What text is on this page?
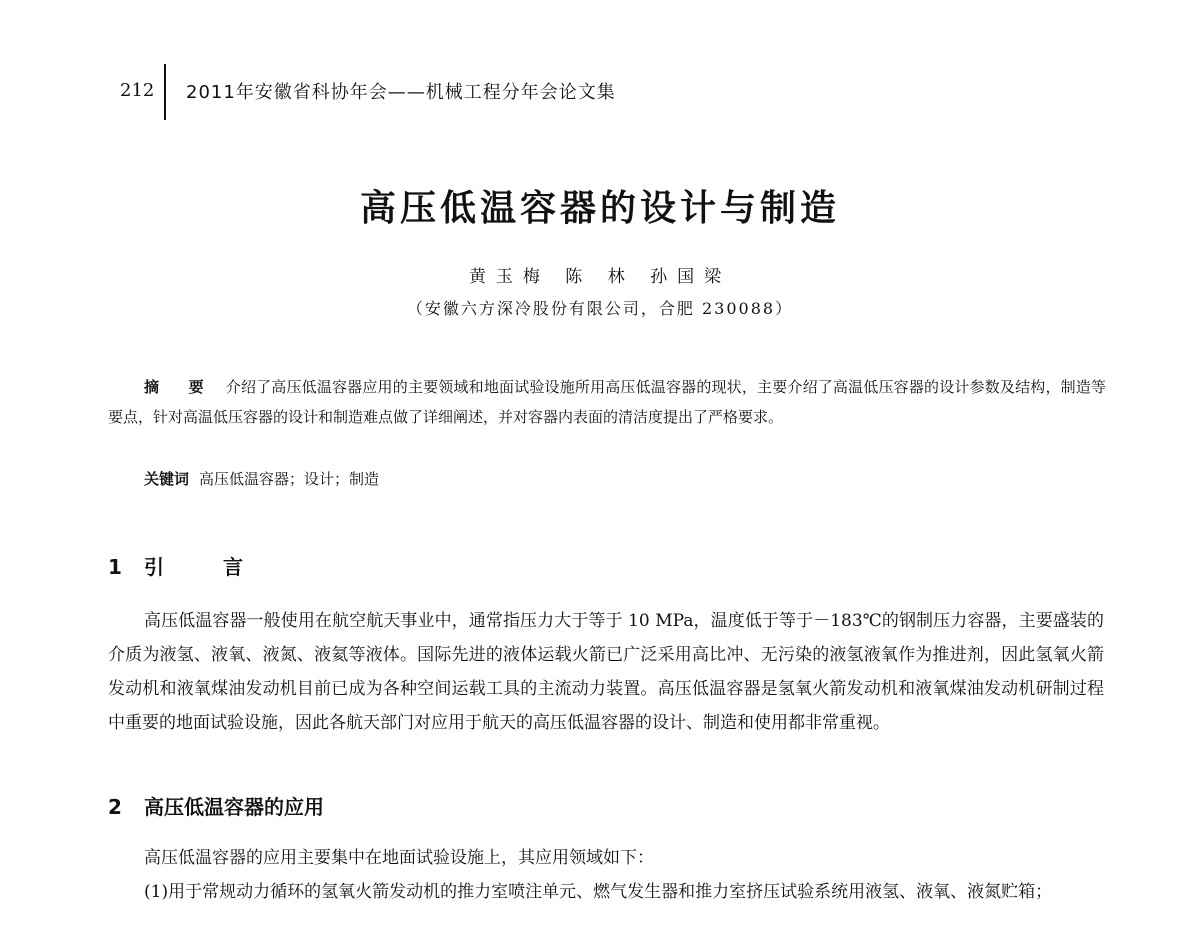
212 2011年安徽省科协年会——机械工程分年会论文集
高压低温容器的设计与制造
黄玉梅 陈 林 孙国梁
（安徽六方深冷股份有限公司，合肥 230088）
摘 要 介绍了高压低温容器应用的主要领域和地面试验设施所用高压低温容器的现状，主要介绍了高温低压容器的设计参数及结构，制造等要点，针对高温低压容器的设计和制造难点做了详细阐述，并对容器内表面的清洁度提出了严格要求。
关键词 高压低温容器；设计；制造
1 引 言
高压低温容器一般使用在航空航天事业中，通常指压力大于等于 10 MPa，温度低于等于－183℃的钢制压力容器，主要盛装的介质为液氢、液氧、液氮、液氦等液体。国际先进的液体运载火箭已广泛采用高比冲、无污染的液氢液氧作为推进剂，因此氢氧火箭发动机和液氧煤油发动机目前已成为各种空间运载工具的主流动力装置。高压低温容器是氢氧火箭发动机和液氧煤油发动机研制过程中重要的地面试验设施，因此各航天部门对应用于航天的高压低温容器的设计、制造和使用都非常重视。
2 高压低温容器的应用
高压低温容器的应用主要集中在地面试验设施上，其应用领域如下：
(1)用于常规动力循环的氢氧火箭发动机的推力室喷注单元、燃气发生器和推力室挤压试验系统用液氢、液氧、液氮贮箱；
